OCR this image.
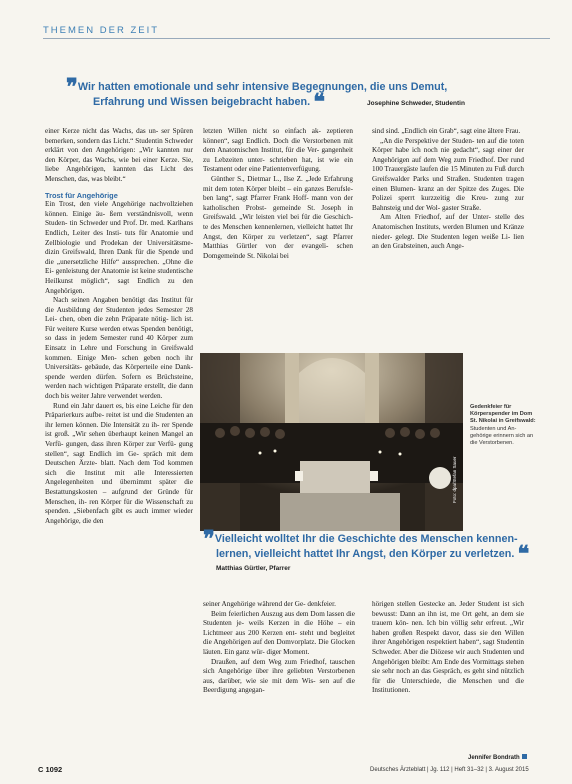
THEMEN DER ZEIT
❞ Wir hatten emotionale und sehr intensive Begegnungen, die uns Demut,
Erfahrung und Wissen beigebracht haben. ❝	Josephine Schweder, Studentin

einer Kerze nicht das Wachs, das un- ser Spüren bemerken, sondern das Licht.“ Studentin Schweder erklärt von den Angehörigen: „Wir kannten nur den Körper, das Wachs, wie bei einer Kerze. Sie, liebe Angehörigen, kannten das Licht des Menschen, das, was bleibt.“

Trost für Angehörige

Ein Trost, den viele Angehörige nachvollziehen können. Einige äu- ßern verständnisvoll, wenn Studen- tin Schweder und Prof. Dr. med. Karlhans Endlich, Leiter des Insti- tuts für Anatomie und Zellbiologie und Prodekan der Universitätsme- dizin Greifswald, Ihren Dank für die Spende und die „unersetzliche Hilfe“ aussprechen. „Ohne die Ei- genleistung der Anatomie ist keine studentische Heilkunst möglich“, sagt Endlich zu den Angehörigen.

Nach seinen Angaben benötigt das Institut für die Ausbildung der Studenten jedes Semester 28 Lei- chen, oben die zehn Präparate nötig- lich ist. Für weitere Kurse werden etwas Spenden benötigt, so dass in jedem Semester rund 40 Körper zum Einsatz in Lehre und Forschung in Greifswald kommen. Einige Men- schen geben noch ihr Universitäts- gebäude, das Körperteile eine Dank- spende werden dürfen. Sofern es Brüchsteine, werden nach wichtigen Präparate erstellt, die dann doch bis weiter Jahre verwendet werden.

Rund ein Jahr dauert es, bis eine Leiche für den Präparierkurs aufbe- reitet ist und die Studenten an ihr lernen können. Die Intensität zu ih- rer Spende ist groß. „Wir sehen überhaupt keinen Mangel an Verfü- gungen, dass ihren Körper zur Verfü- gung stellen“, sagt Endlich im Ge- spräch mit dem Deutschen Ärzte- blatt. Nach dem Tod kommen sich die Institut mit alle Interessierten Angelegenheiten und übernimmt später die Bestattungskosten – aufgrund der Gründe für Menschen, ih- ren Körper für die Wissenschaft zu spenden. „Siebenfach gibt es auch immer wieder Angehörige, die den

letzten Willen nicht so einfach ak- zeptieren können“, sagt Endlich. Doch die Verstorbenen mit dem Anatomischen Institut, für die Ver- gangenheit zu Lebzeiten unter- schrieben hat, ist wie ein Testament oder eine Patientenverfügung.

Günther S., Dietmar L., Ilse Z. „Jede Erfahrung mit dem toten Körper bleibt – ein ganzes Berufsle- ben lang“, sagt Pfarrer Frank Hoff- mann von der katholischen Probst- gemeinde St. Joseph in Greifswald. „Wir leisten viel bei für die Geschich- te des Menschen kennenlernen, vielleicht hattet Ihr Angst, den Körper zu verletzen“, sagt Pfarrer Matthias Gürtler von der evangeli- schen Domgemeinde St. Nikolai bei

sind sind. „Endlich ein Grab“, sagt eine ältere Frau.

„An die Perspektive der Studen- ten auf die toten Körper habe ich noch nie gedacht“, sagt einer der Angehörigen auf dem Weg zum Friedhof. Der rund 100 Trauergäste laufen die 15 Minuten zu Fuß durch Greifswalder Parks und Straßen. Studenten tragen einen Blumen- kranz an der Spitze des Zuges. Die Polizei sperrt kurzzeitig die Kreu- zung zur Bahnsteig und der Wol- gaster Straße.

Am Alten Friedhof, auf der Unter- stelle des Anatomischen Instituts, werden Blumen und Kränze nieder- gelegt. Die Studenten legen weiße Li- lien an den Grabsteinen, auch Ange-

Foto: dpa/Stefan Sauer
Gedenkfeier für Körperspender im Dom St. Nikolai in Greifswald:
Studenten und An- gehörige erinnern sich an die Verstorbenen.
❞ Vielleicht wolltet Ihr die Geschichte des Menschen kennen-
lernen, vielleicht hattet Ihr Angst, den Körper zu verletzen. ❝
Matthias Gürtler, Pfarrer

seiner Angehörige während der Ge- denkfeier.

Beim feierlichen Auszug aus dem Dom lassen die Studenten je- weils Kerzen in die Höhe – ein Lichtmeer aus 200 Kerzen ent- steht und begleitet die Angehörigen auf den Domvorplatz. Die Glocken läuten. Ein ganz wür- diger Moment.

Draußen, auf dem Weg zum Friedhof, tauschen sich Angehörige über ihre geliebten Verstorbenen aus, darüber, wie sie mit dem Wis- sen auf die Beerdigung angegan-

hörigen stellen Gestecke an. Jeder Student ist sich bewusst: Dann an ihn ist, me Ort geht, an dem sie trauern kön- nen. Ich bin völlig sehr erfreut. „Wir haben großen Respekt davor, dass sie den Willen ihrer Angehörigen respektiert haben“, sagt Studentin Schweder. Aber die Diözese wir auch Studenten und Angehörigen bleibt: Am Ende des Vormittags stehen sie sehr noch an das Gespräch, es geht sind nützlich für die Unterschiede, die Menschen und die Institutionen.

Jennifer Bondrath
C 1092	Deutsches Ärzteblatt | Jg. 112 | Heft 31–32 | 3. August 2015
